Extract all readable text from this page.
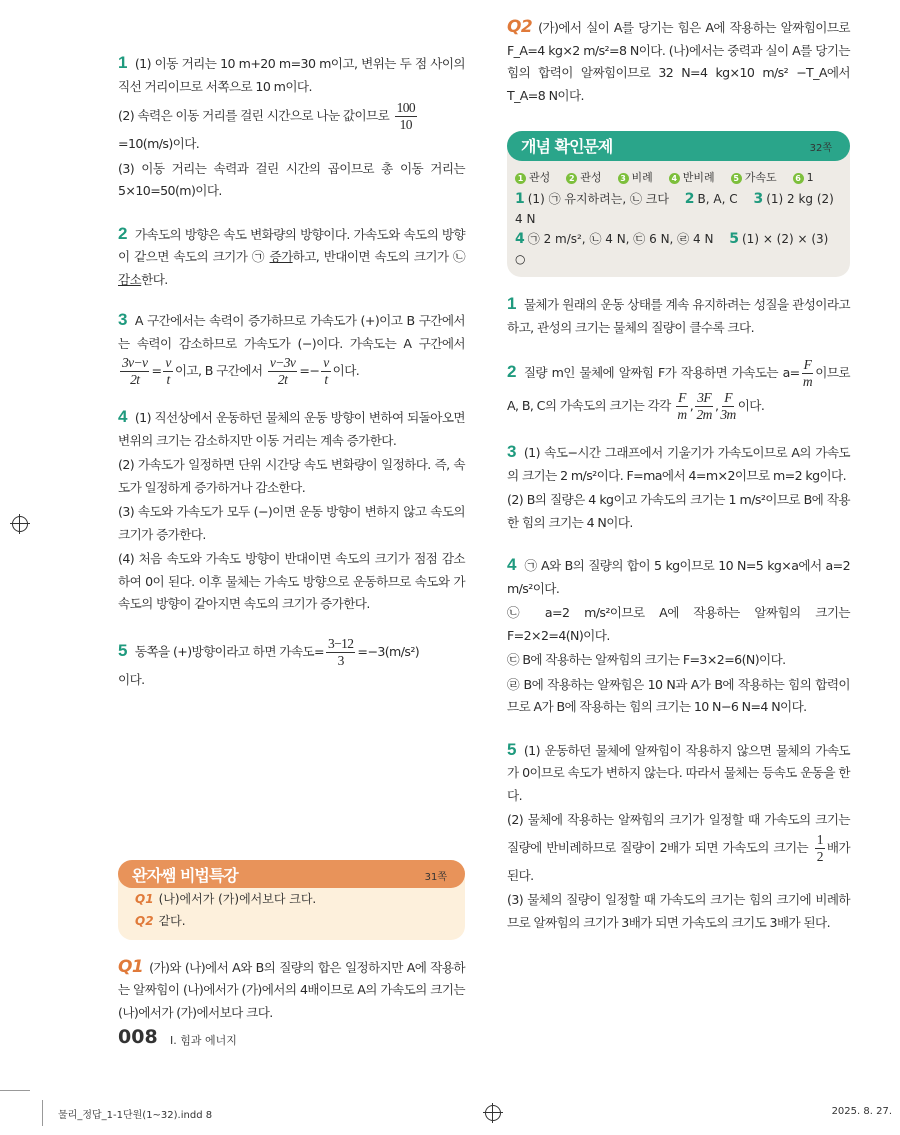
1 (1) 이동 거리는 10 m+20 m=30 m이고, 변위는 두 점 사이의 직선 거리이므로 서쪽으로 10 m이다.

(2) 속력은 이동 거리를 걸린 시간으로 나눈 값이므로 $\frac{100}{10}$

=10(m/s)이다.

(3) 이동 거리는 속력과 걸린 시간의 곱이므로 총 이동 거리는 5×10=50(m)이다.

2 가속도의 방향은 속도 변화량의 방향이다. 가속도와 속도의 방향이 같으면 속도의 크기가 ㉠ 증가하고, 반대이면 속도의 크기가 ㉡ 감소한다.
3 A 구간에서는 속력이 증가하므로 가속도가 (+)이고 B 구간에서는 속력이 감소하므로 가속도가 (−)이다. 가속도는 A 구간에서
$\frac{3v-v}{2t} = \frac{v}{t}$ 이고, B 구간에서 $\frac{v-3v}{2t} =- \frac{v}{t}$ 이다.

4 (1) 직선상에서 운동하던 물체의 운동 방향이 변하여 되돌아오면 변위의 크기는 감소하지만 이동 거리는 계속 증가한다.

(2) 가속도가 일정하면 단위 시간당 속도 변화량이 일정하다. 즉, 속도가 일정하게 증가하거나 감소한다.

(3) 속도와 가속도가 모두 (−)이면 운동 방향이 변하지 않고 속도의 크기가 증가한다.

(4) 처음 속도와 가속도 방향이 반대이면 속도의 크기가 점점 감소하여 0이 된다. 이후 물체는 가속도 방향으로 운동하므로 속도와 가속도의 방향이 같아지면 속도의 크기가 증가한다.

5 동쪽을 (+)방향이라고 하면 가속도= $\frac{3-12}{3} =-3(m/s^2)$
이다.
완자쌤 비법특강	31쪽
Q1 (나)에서가 (가)에서보다 크다.
Q2 같다.
Q1 (가)와 (나)에서 A와 B의 질량의 합은 일정하지만 A에 작용하는 알짜힘이 (나)에서가 (가)에서의 4배이므로 A의 가속도의 크기는 (나)에서가 (가)에서보다 크다.
Q2 (가)에서 실이 A를 당기는 힘은 A에 작용하는 알짜힘이므로 F_A=4 kg×2 m/s²=8 N이다. (나)에서는 중력과 실이 A를 당기는 힘의 합력이 알짜힘이므로 32 N=4 kg×10 m/s² −T_A에서 T_A=8 N이다.
개념 확인문제	32쪽
1 관성	2 관성	3 비례	4 반비례	5 가속도	6 1
1 (1) ㉠ 유지하려는, ㉡ 크다 2 B, A, C 3 (1) 2 kg (2) 4 N
4 ㉠ 2 m/s², ㉡ 4 N, ㉢ 6 N, ㉣ 4 N 5 (1) × (2) × (3) ○
1 물체가 원래의 운동 상태를 계속 유지하려는 성질을 관성이라고 하고, 관성의 크기는 물체의 질량이 클수록 크다.
2 질량 m인 물체에 알짜힘 F가 작용하면 가속도는 $a= \frac{F}{m}$ 이므로 A, B, C의 가속도의 크기는 각각 $\frac{F}{m}$ , $\frac{3F}{2m}$ , $\frac{F}{3m}$ 이다.

3 (1) 속도−시간 그래프에서 기울기가 가속도이므로 A의 가속도의 크기는 2 m/s²이다. F=ma에서 4=m×2이므로 m=2 kg이다.

(2) B의 질량은 4 kg이고 가속도의 크기는 1 m/s²이므로 B에 작용한 힘의 크기는 4 N이다.

4 ㉠ A와 B의 질량의 합이 5 kg이므로 10 N=5 kg×a에서 a=2 m/s²이다.

㉡ a=2 m/s²이므로 A에 작용하는 알짜힘의 크기는 F=2×2=4(N)이다.

㉢ B에 작용하는 알짜힘의 크기는 F=3×2=6(N)이다.

㉣ B에 작용하는 알짜힘은 10 N과 A가 B에 작용하는 힘의 합력이므로 A가 B에 작용하는 힘의 크기는 10 N−6 N=4 N이다.

5 (1) 운동하던 물체에 알짜힘이 작용하지 않으면 물체의 가속도가 0이므로 속도가 변하지 않는다. 따라서 물체는 등속도 운동을 한다.

(2) 물체에 작용하는 알짜힘의 크기가 일정할 때 가속도의 크기는 질량에 반비례하므로 질량이 2배가 되면 가속도의 크기는 $\frac{1}{2}$ 배가 된다.

(3) 물체의 질량이 일정할 때 가속도의 크기는 힘의 크기에 비례하므로 알짜힘의 크기가 3배가 되면 가속도의 크기도 3배가 된다.

008 Ⅰ. 힘과 에너지
물리_정답_1-1단원(1~32).indd 8	2025. 8. 27.
